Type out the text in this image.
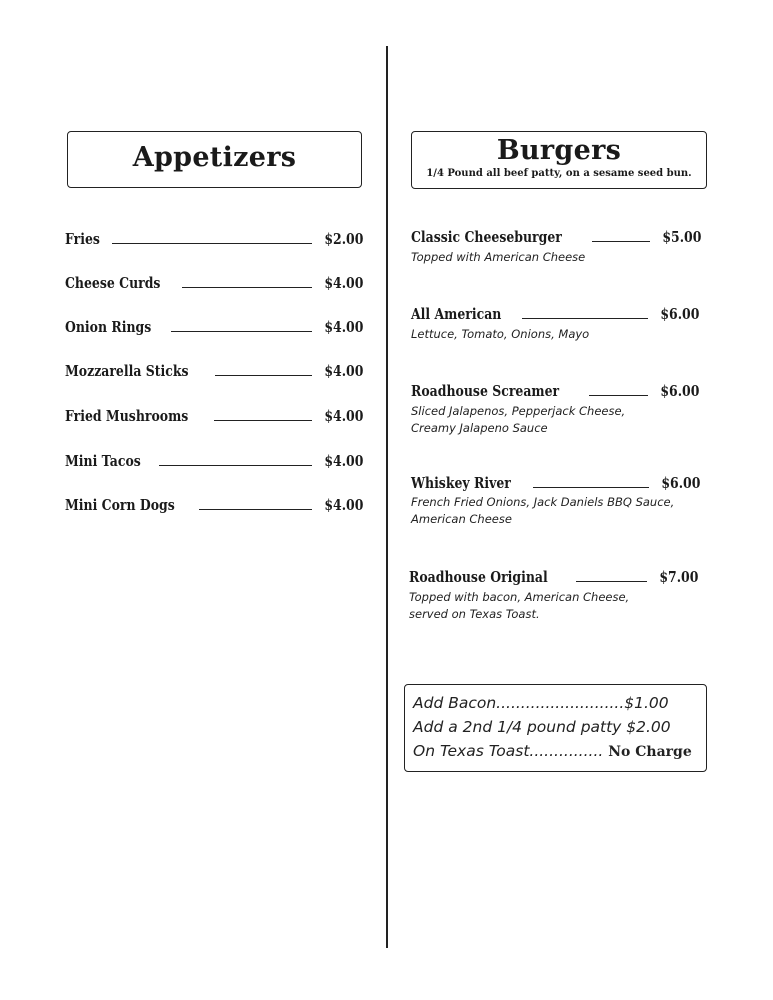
Appetizers
Fries	$2.00
Cheese Curds	$4.00
Onion Rings	$4.00
Mozzarella Sticks	$4.00
Fried Mushrooms	$4.00
Mini Tacos	$4.00
Mini Corn Dogs	$4.00
Burgers
1/4 Pound all beef patty, on a sesame seed bun.
Classic Cheeseburger	$5.00
Topped with American Cheese
All American	$6.00
Lettuce, Tomato, Onions, Mayo
Roadhouse Screamer	$6.00
Sliced Jalapenos, Pepperjack Cheese,
Creamy Jalapeno Sauce
Whiskey River	$6.00
French Fried Onions, Jack Daniels BBQ Sauce,
American Cheese
Roadhouse Original	$7.00
Topped with bacon, American Cheese,
served on Texas Toast.
Add Bacon..........................$1.00
Add a 2nd 1/4 pound patty $2.00
On Texas Toast............... No Charge
